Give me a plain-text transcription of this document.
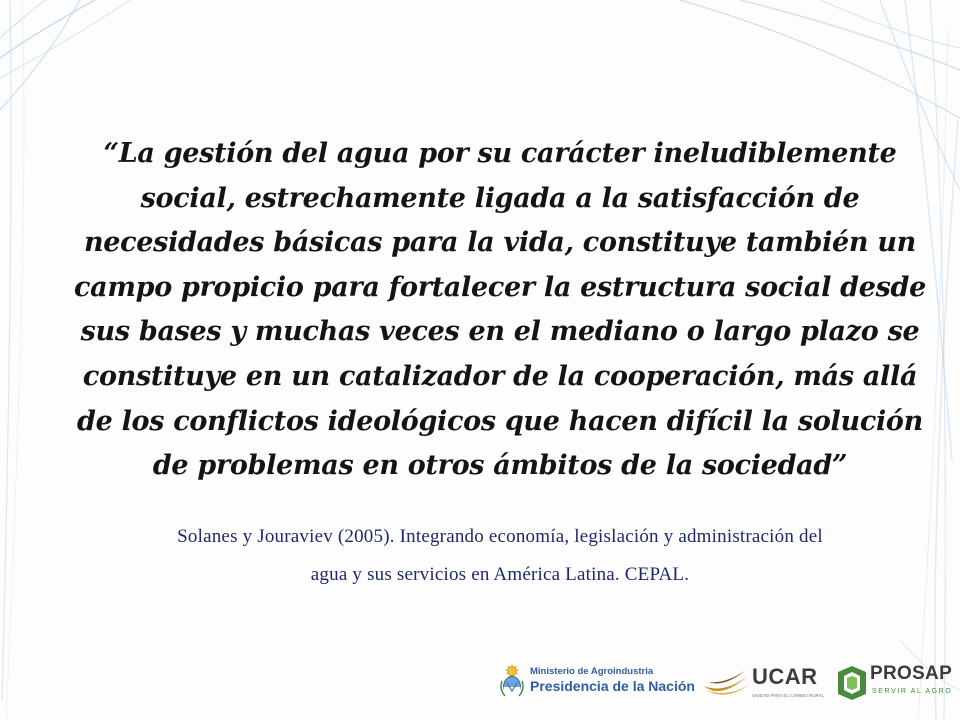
“La gestión del agua por su carácter ineludiblemente
social, estrechamente ligada a la satisfacción de
necesidades básicas para la vida, constituye también un
campo propicio para fortalecer la estructura social desde
sus bases y muchas veces en el mediano o largo plazo se
constituye en un catalizador de la cooperación, más allá
de los conflictos ideológicos que hacen difícil la solución
de problemas en otros ámbitos de la sociedad”

Solanes y Jouraviev (2005). Integrando economía, legislación y administración del
agua y sus servicios en América Latina. CEPAL.

Ministerio de Agroindustria
Presidencia de la Nación	UCAR
UNIDAD PARA EL CAMBIO RURAL
PROSAP
SERVIR AL AGRO
